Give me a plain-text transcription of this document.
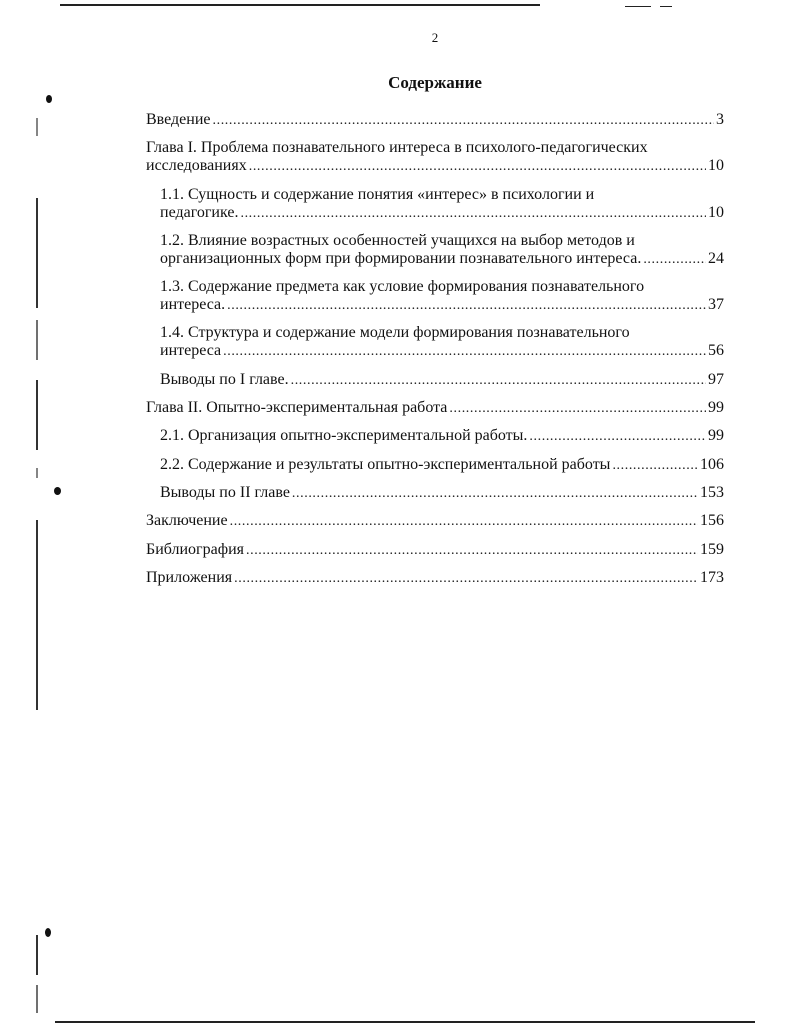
2
Содержание
Введение .....	3
Глава I. Проблема познавательного интереса в психолого-педагогических
исследованиях .....	10
1.1. Сущность и содержание понятия «интерес» в психологии и
педагогике. .....	10
1.2. Влияние возрастных особенностей учащихся на выбор методов и
организационных форм при формировании познавательного интереса. .....	24
1.3. Содержание предмета как условие формирования познавательного
интереса. .....	37
1.4. Структура и содержание модели формирования познавательного
интереса .....	56
Выводы по I главе. .....	97
Глава II. Опытно-экспериментальная работа .....	99
2.1. Организация опытно-экспериментальной работы. .....	99
2.2. Содержание и результаты опытно-экспериментальной работы .....	106
Выводы по II главе .....	153
Заключение .....	156
Библиография .....	159
Приложения .....	173
